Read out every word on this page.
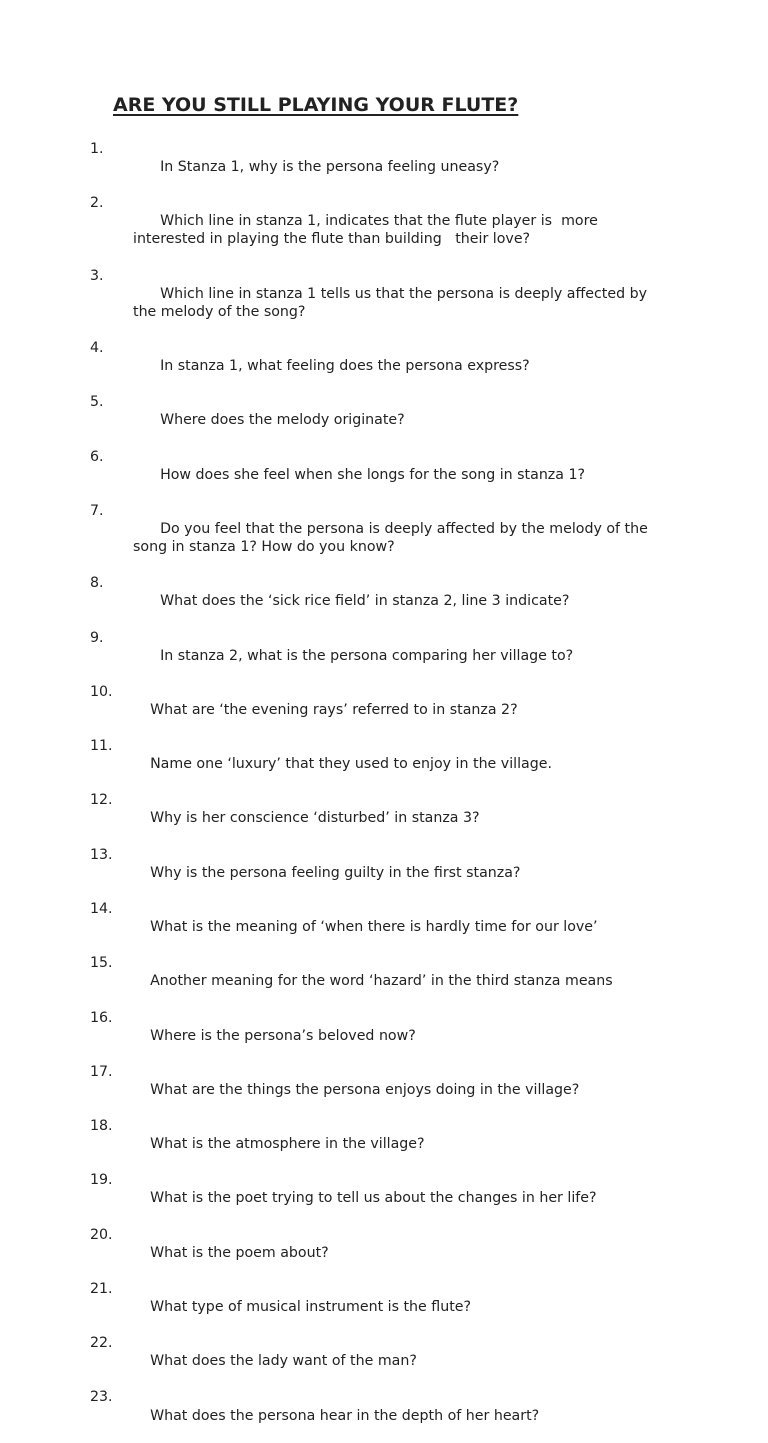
ARE YOU STILL PLAYING YOUR FLUTE?

1.
In Stanza 1, why is the persona feeling uneasy?

2.
Which line in stanza 1, indicates that the flute player is  more
interested in playing the flute than building   their love?

3.
Which line in stanza 1 tells us that the persona is deeply affected by
the melody of the song?

4.
In stanza 1, what feeling does the persona express?

5.
Where does the melody originate?

6.
How does she feel when she longs for the song in stanza 1?

7.
Do you feel that the persona is deeply affected by the melody of the
song in stanza 1? How do you know?

8.
What does the ‘sick rice field’ in stanza 2, line 3 indicate?

9.
In stanza 2, what is the persona comparing her village to?

10.
What are ‘the evening rays’ referred to in stanza 2?

11.
Name one ‘luxury’ that they used to enjoy in the village.

12.
Why is her conscience ‘disturbed’ in stanza 3?

13.
Why is the persona feeling guilty in the first stanza?

14.
What is the meaning of ‘when there is hardly time for our love’

15.
Another meaning for the word ‘hazard’ in the third stanza means

16.
Where is the persona’s beloved now?

17.
What are the things the persona enjoys doing in the village?

18.
What is the atmosphere in the village?

19.
What is the poet trying to tell us about the changes in her life?

20.
What is the poem about?

21.
What type of musical instrument is the flute?

22.
What does the lady want of the man?

23.
What does the persona hear in the depth of her heart?
